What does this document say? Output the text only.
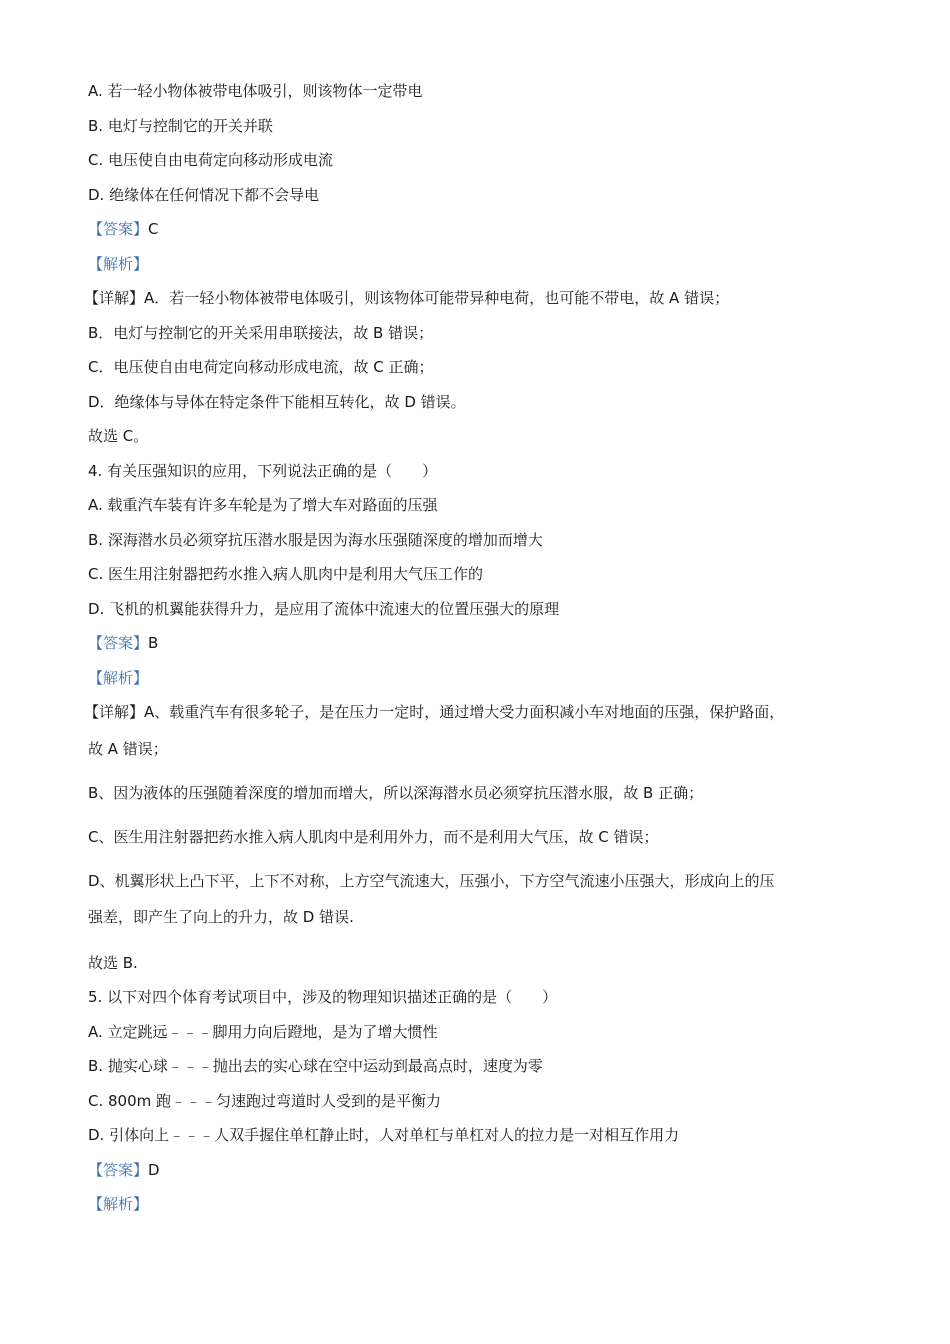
A. 若一轻小物体被带电体吸引，则该物体一定带电
B. 电灯与控制它的开关并联
C. 电压使自由电荷定向移动形成电流
D. 绝缘体在任何情况下都不会导电
【答案】C
【解析】
【详解】A．若一轻小物体被带电体吸引，则该物体可能带异种电荷，也可能不带电，故 A 错误；
B．电灯与控制它的开关采用串联接法，故 B 错误；
C．电压使自由电荷定向移动形成电流，故 C 正确；
D．绝缘体与导体在特定条件下能相互转化，故 D 错误。
故选 C。
4. 有关压强知识的应用，下列说法正确的是（　　）
A. 载重汽车装有许多车轮是为了增大车对路面的压强
B. 深海潜水员必须穿抗压潜水服是因为海水压强随深度的增加而增大
C. 医生用注射器把药水推入病人肌肉中是利用大气压工作的
D. 飞机的机翼能获得升力，是应用了流体中流速大的位置压强大的原理
【答案】B
【解析】
【详解】A、载重汽车有很多轮子，是在压力一定时，通过增大受力面积减小车对地面的压强，保护路面，
故 A 错误；
B、因为液体的压强随着深度的增加而增大，所以深海潜水员必须穿抗压潜水服，故 B 正确；
C、医生用注射器把药水推入病人肌肉中是利用外力，而不是利用大气压，故 C 错误；
D、机翼形状上凸下平，上下不对称，上方空气流速大，压强小，下方空气流速小压强大，形成向上的压
强差，即产生了向上的升力，故 D 错误.
故选 B.
5. 以下对四个体育考试项目中，涉及的物理知识描述正确的是（　　）
A. 立定跳远﹣﹣﹣脚用力向后蹬地，是为了增大惯性
B. 抛实心球﹣﹣﹣抛出去的实心球在空中运动到最高点时，速度为零
C. 800m 跑﹣﹣﹣匀速跑过弯道时人受到的是平衡力
D. 引体向上﹣﹣﹣人双手握住单杠静止时，人对单杠与单杠对人的拉力是一对相互作用力
【答案】D
【解析】
